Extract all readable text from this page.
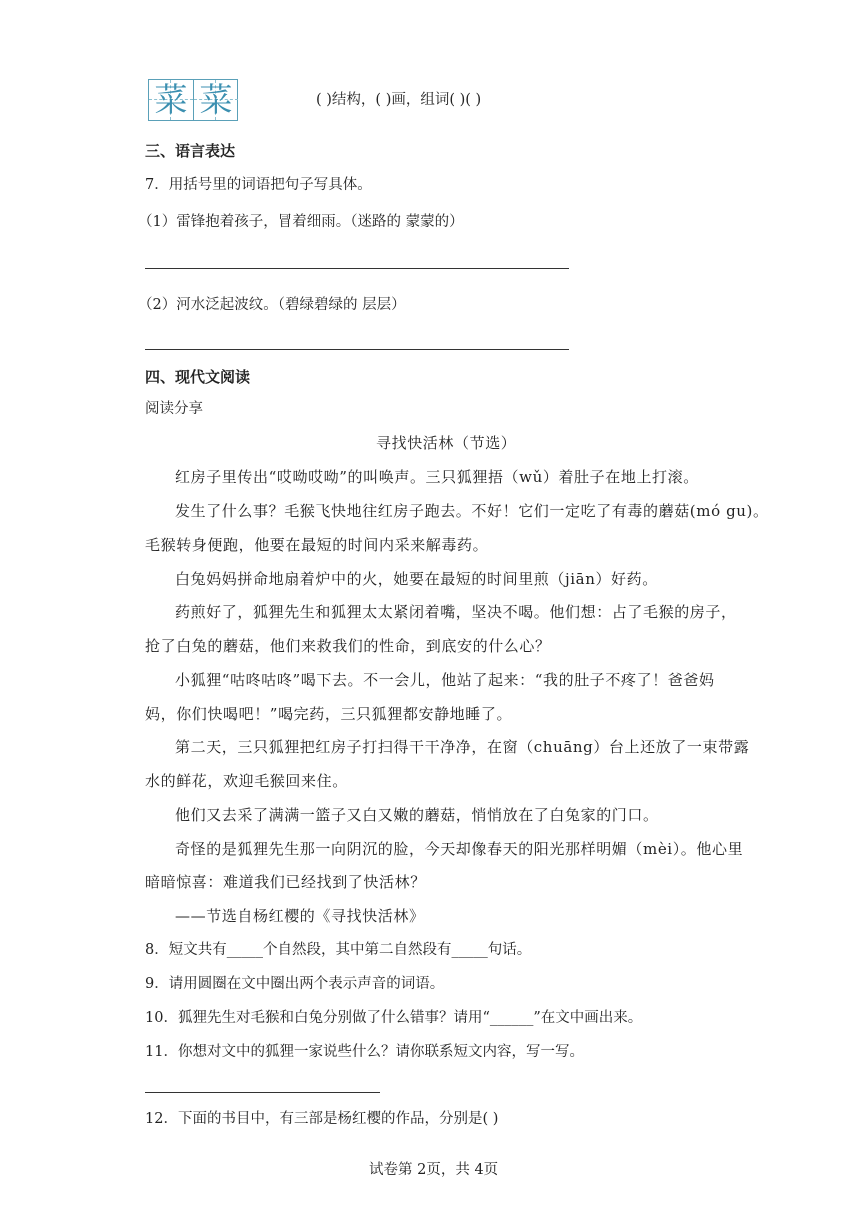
菜 菜	( )结构，( )画，组词( )( )
三、语言表达
7．用括号里的词语把句子写具体。
（1）雷锋抱着孩子，冒着细雨。（迷路的 蒙蒙的）
（2）河水泛起波纹。（碧绿碧绿的 层层）
四、现代文阅读
阅读分享
寻找快活林（节选）
红房子里传出“哎呦哎呦”的叫唤声。三只狐狸捂（wǔ）着肚子在地上打滚。
发生了什么事？毛猴飞快地往红房子跑去。不好！它们一定吃了有毒的蘑菇(mó gu)。
毛猴转身便跑，他要在最短的时间内采来解毒药。
白兔妈妈拼命地扇着炉中的火，她要在最短的时间里煎（jiān）好药。
药煎好了，狐狸先生和狐狸太太紧闭着嘴，坚决不喝。他们想：占了毛猴的房子，
抢了白兔的蘑菇，他们来救我们的性命，到底安的什么心？
小狐狸“咕咚咕咚”喝下去。不一会儿，他站了起来：“我的肚子不疼了！爸爸妈
妈，你们快喝吧！”喝完药，三只狐狸都安静地睡了。
第二天，三只狐狸把红房子打扫得干干净净，在窗（chuāng）台上还放了一束带露
水的鲜花，欢迎毛猴回来住。
他们又去采了满满一篮子又白又嫩的蘑菇，悄悄放在了白兔家的门口。
奇怪的是狐狸先生那一向阴沉的脸，今天却像春天的阳光那样明媚（mèi）。他心里
暗暗惊喜：难道我们已经找到了快活林？
——节选自杨红樱的《寻找快活林》
8．短文共有_____个自然段，其中第二自然段有_____句话。
9．请用圆圈在文中圈出两个表示声音的词语。
10．狐狸先生对毛猴和白兔分别做了什么错事？请用“______”在文中画出来。
11．你想对文中的狐狸一家说些什么？请你联系短文内容，写一写。
12．下面的书目中，有三部是杨红樱的作品，分别是( )
试卷第 2页，共 4页
